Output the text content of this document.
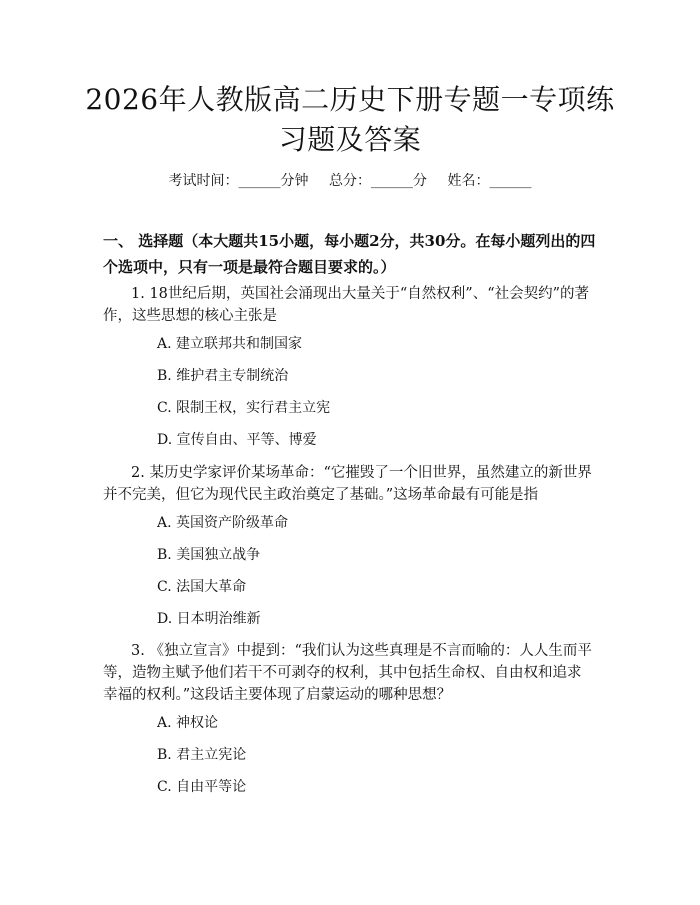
2026年人教版高二历史下册专题一专项练习题及答案
考试时间：______分钟 总分：______分 姓名：______
一、 选择题（本大题共15小题，每小题2分，共30分。在每小题列出的四个选项中，只有一项是最符合题目要求的。）
1. 18世纪后期，英国社会涌现出大量关于“自然权利”、“社会契约”的著作，这些思想的核心主张是
A. 建立联邦共和制国家
B. 维护君主专制统治
C. 限制王权，实行君主立宪
D. 宣传自由、平等、博爱
2. 某历史学家评价某场革命：“它摧毁了一个旧世界，虽然建立的新世界并不完美，但它为现代民主政治奠定了基础。”这场革命最有可能是指
A. 英国资产阶级革命
B. 美国独立战争
C. 法国大革命
D. 日本明治维新
3. 《独立宣言》中提到：“我们认为这些真理是不言而喻的：人人生而平等，造物主赋予他们若干不可剥夺的权利，其中包括生命权、自由权和追求幸福的权利。”这段话主要体现了启蒙运动的哪种思想？
A. 神权论
B. 君主立宪论
C. 自由平等论
